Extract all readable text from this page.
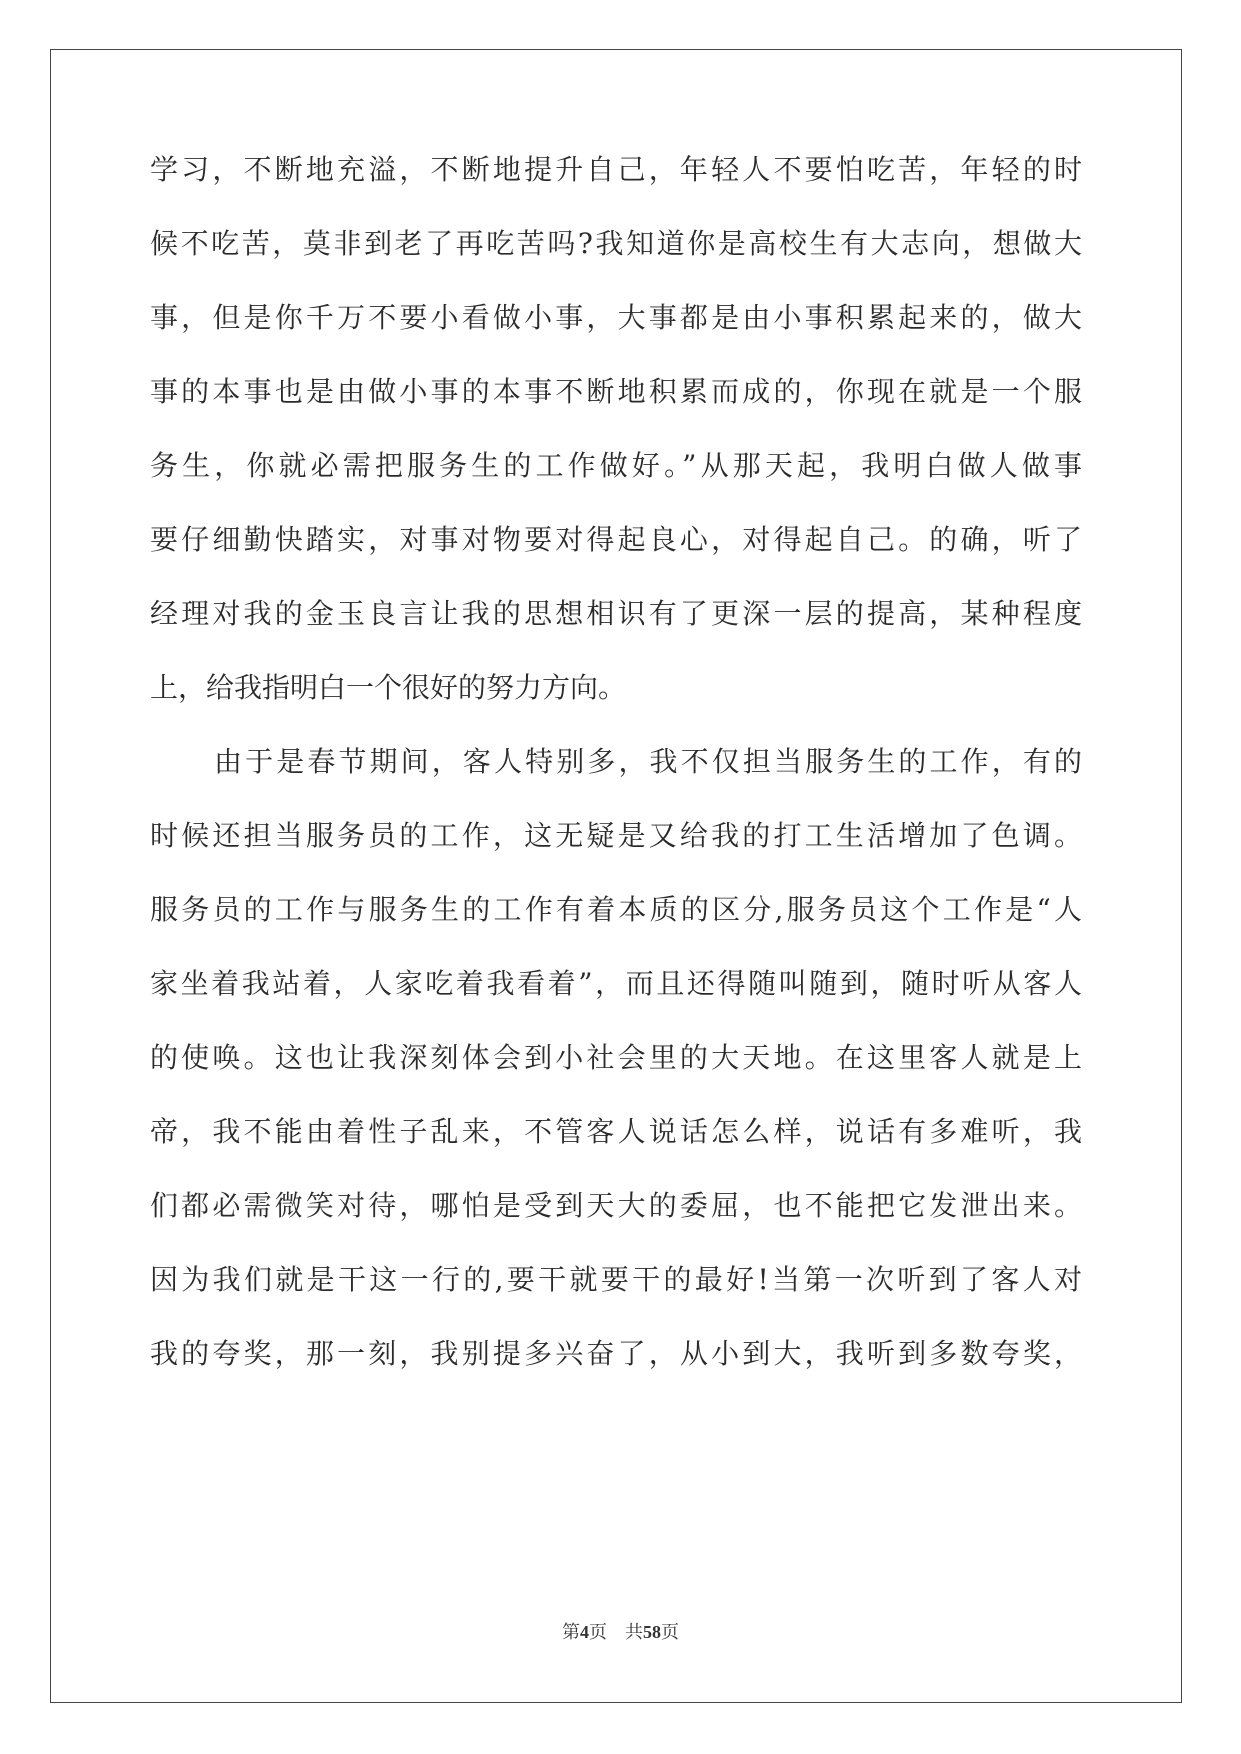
学习，不断地充溢，不断地提升自己，年轻人不要怕吃苦，年轻的时
候不吃苦，莫非到老了再吃苦吗?我知道你是高校生有大志向，想做大
事，但是你千万不要小看做小事，大事都是由小事积累起来的，做大
事的本事也是由做小事的本事不断地积累而成的，你现在就是一个服
务生，你就必需把服务生的工作做好。”从那天起，我明白做人做事
要仔细勤快踏实，对事对物要对得起良心，对得起自己。的确，听了
经理对我的金玉良言让我的思想相识有了更深一层的提高，某种程度
上，给我指明白一个很好的努力方向。
由于是春节期间，客人特别多，我不仅担当服务生的工作，有的
时候还担当服务员的工作，这无疑是又给我的打工生活增加了色调。
服务员的工作与服务生的工作有着本质的区分,服务员这个工作是“人
家坐着我站着，人家吃着我看着”，而且还得随叫随到，随时听从客人
的使唤。这也让我深刻体会到小社会里的大天地。在这里客人就是上
帝，我不能由着性子乱来，不管客人说话怎么样，说话有多难听，我
们都必需微笑对待，哪怕是受到天大的委屈，也不能把它发泄出来。
因为我们就是干这一行的,要干就要干的最好!当第一次听到了客人对
我的夸奖，那一刻，我别提多兴奋了，从小到大，我听到多数夸奖，
第4页 共58页
